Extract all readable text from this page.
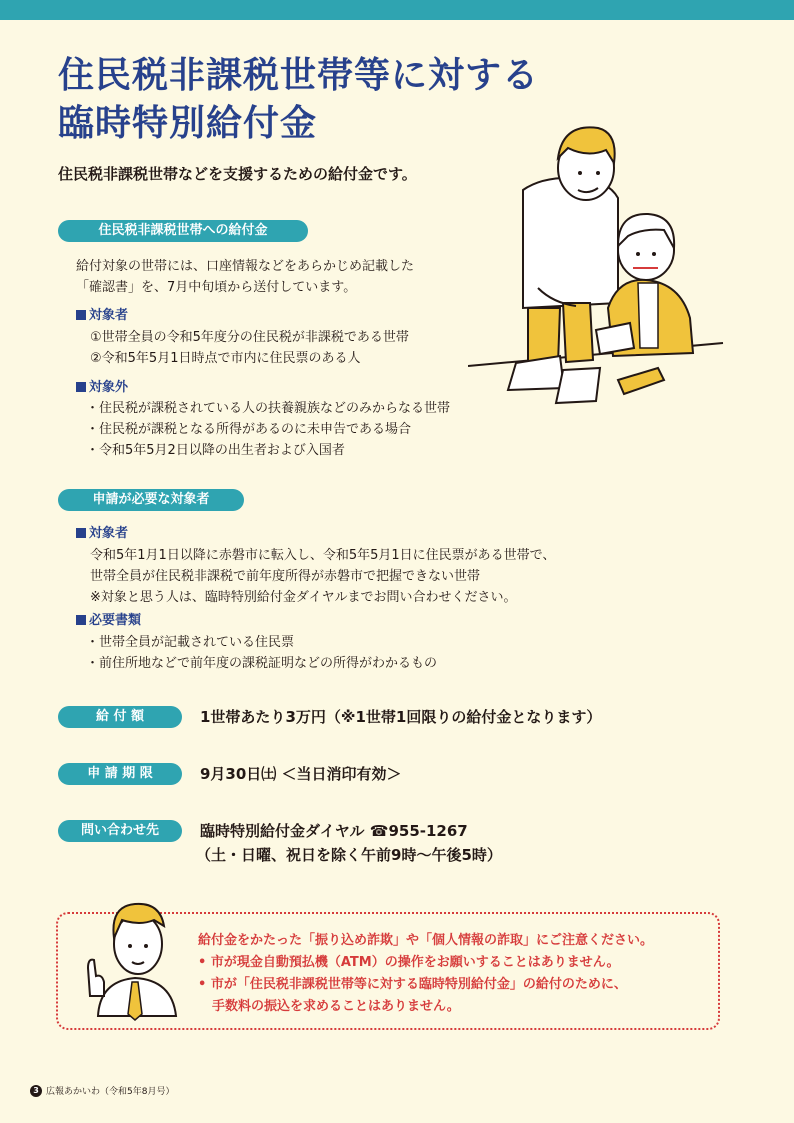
住民税非課税世帯等に対する
臨時特別給付金
住民税非課税世帯などを支援するための給付金です。
住民税非課税世帯への給付金
給付対象の世帯には、口座情報などをあらかじめ記載した
「確認書」を、7月中旬頃から送付しています。
対象者
①世帯全員の令和5年度分の住民税が非課税である世帯
②令和5年5月1日時点で市内に住民票のある人
対象外
・ 住民税が課税されている人の扶養親族などのみからなる世帯
・ 住民税が課税となる所得があるのに未申告である場合
・ 令和5年5月2日以降の出生者および入国者
申請が必要な対象者
対象者
令和5年1月1日以降に赤磐市に転入し、令和5年5月1日に住民票がある世帯で、
世帯全員が住民税非課税で前年度所得が赤磐市で把握できない世帯
※対象と思う人は、臨時特別給付金ダイヤルまでお問い合わせください。
必要書類
・ 世帯全員が記載されている住民票
・ 前住所地などで前年度の課税証明などの所得がわかるもの
給 付 額	1世帯あたり3万円（※1世帯1回限りの給付金となります）
申 請 期 限	9月30日㈯ ＜当日消印有効＞
問い合わせ先	臨時特別給付金ダイヤル ☎955-1267
（土・日曜、祝日を除く午前9時～午後5時）
給付金をかたった「振り込め詐欺」や「個人情報の詐取」にご注意ください。
• 市が現金自動預払機（ATM）の操作をお願いすることはありません。
• 市が「住民税非課税世帯等に対する臨時特別給付金」の給付のために、
手数料の振込を求めることはありません。
3 広報あかいわ（令和5年8月号）
